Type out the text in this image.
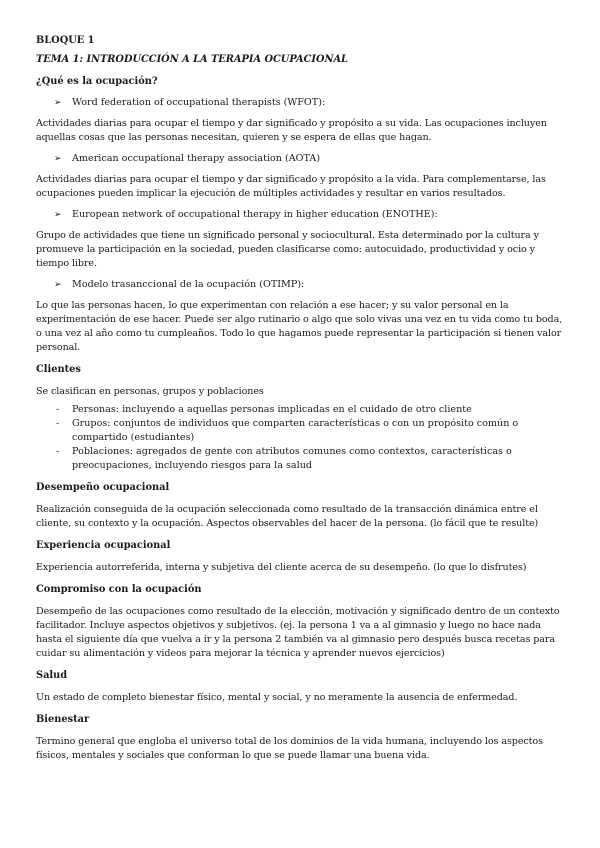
BLOQUE 1

TEMA 1: INTRODUCCIÓN A LA TERAPIA OCUPACIONAL

¿Qué es la ocupación?

➢	Word federation of occupational therapists (WFOT):

Actividades diarias para ocupar el tiempo y dar significado y propósito a su vida. Las ocupaciones incluyen aquellas cosas que las personas necesitan, quieren y se espera de ellas que hagan.

➢	American occupational therapy association (AOTA)

Actividades diarias para ocupar el tiempo y dar significado y propósito a la vida. Para complementarse, las ocupaciones pueden implicar la ejecución de múltiples actividades y resultar en varios resultados.

➢	European network of occupational therapy in higher education (ENOTHE):

Grupo de actividades que tiene un significado personal y sociocultural. Esta determinado por la cultura y promueve la participación en la sociedad, pueden clasificarse como: autocuidado, productividad y ocio y tiempo libre.

➢	Modelo trasanccional de la ocupación (OTIMP):

Lo que las personas hacen, lo que experimentan con relación a ese hacer; y su valor personal en la experimentación de ese hacer. Puede ser algo rutinario o algo que solo vivas una vez en tu vida como tu boda, o una vez al año como tu cumpleaños. Todo lo que hagamos puede representar la participación si tienen valor personal.

Clientes

Se clasifican en personas, grupos y poblaciones

-	Personas: incluyendo a aquellas personas implicadas en el cuidado de otro cliente
-	Grupos: conjuntos de individuos que comparten características o con un propósito común o compartido (estudiantes)
-	Poblaciones: agregados de gente con atributos comunes como contextos, características o preocupaciones, incluyendo riesgos para la salud

Desempeño ocupacional

Realización conseguida de la ocupación seleccionada como resultado de la transacción dinámica entre el cliente, su contexto y la ocupación. Aspectos observables del hacer de la persona. (lo fácil que te resulte)

Experiencia ocupacional

Experiencia autorreferida, interna y subjetiva del cliente acerca de su desempeño. (lo que lo disfrutes)

Compromiso con la ocupación

Desempeño de las ocupaciones como resultado de la elección, motivación y significado dentro de un contexto facilitador. Incluye aspectos objetivos y subjetivos. (ej. la persona 1 va a al gimnasio y luego no hace nada hasta el siguiente día que vuelva a ir y la persona 2 también va al gimnasio pero después busca recetas para cuidar su alimentación y videos para mejorar la técnica y aprender nuevos ejercicios)

Salud

Un estado de completo bienestar físico, mental y social, y no meramente la ausencia de enfermedad.

Bienestar

Termino general que engloba el universo total de los dominios de la vida humana, incluyendo los aspectos físicos, mentales y sociales que conforman lo que se puede llamar una buena vida.
